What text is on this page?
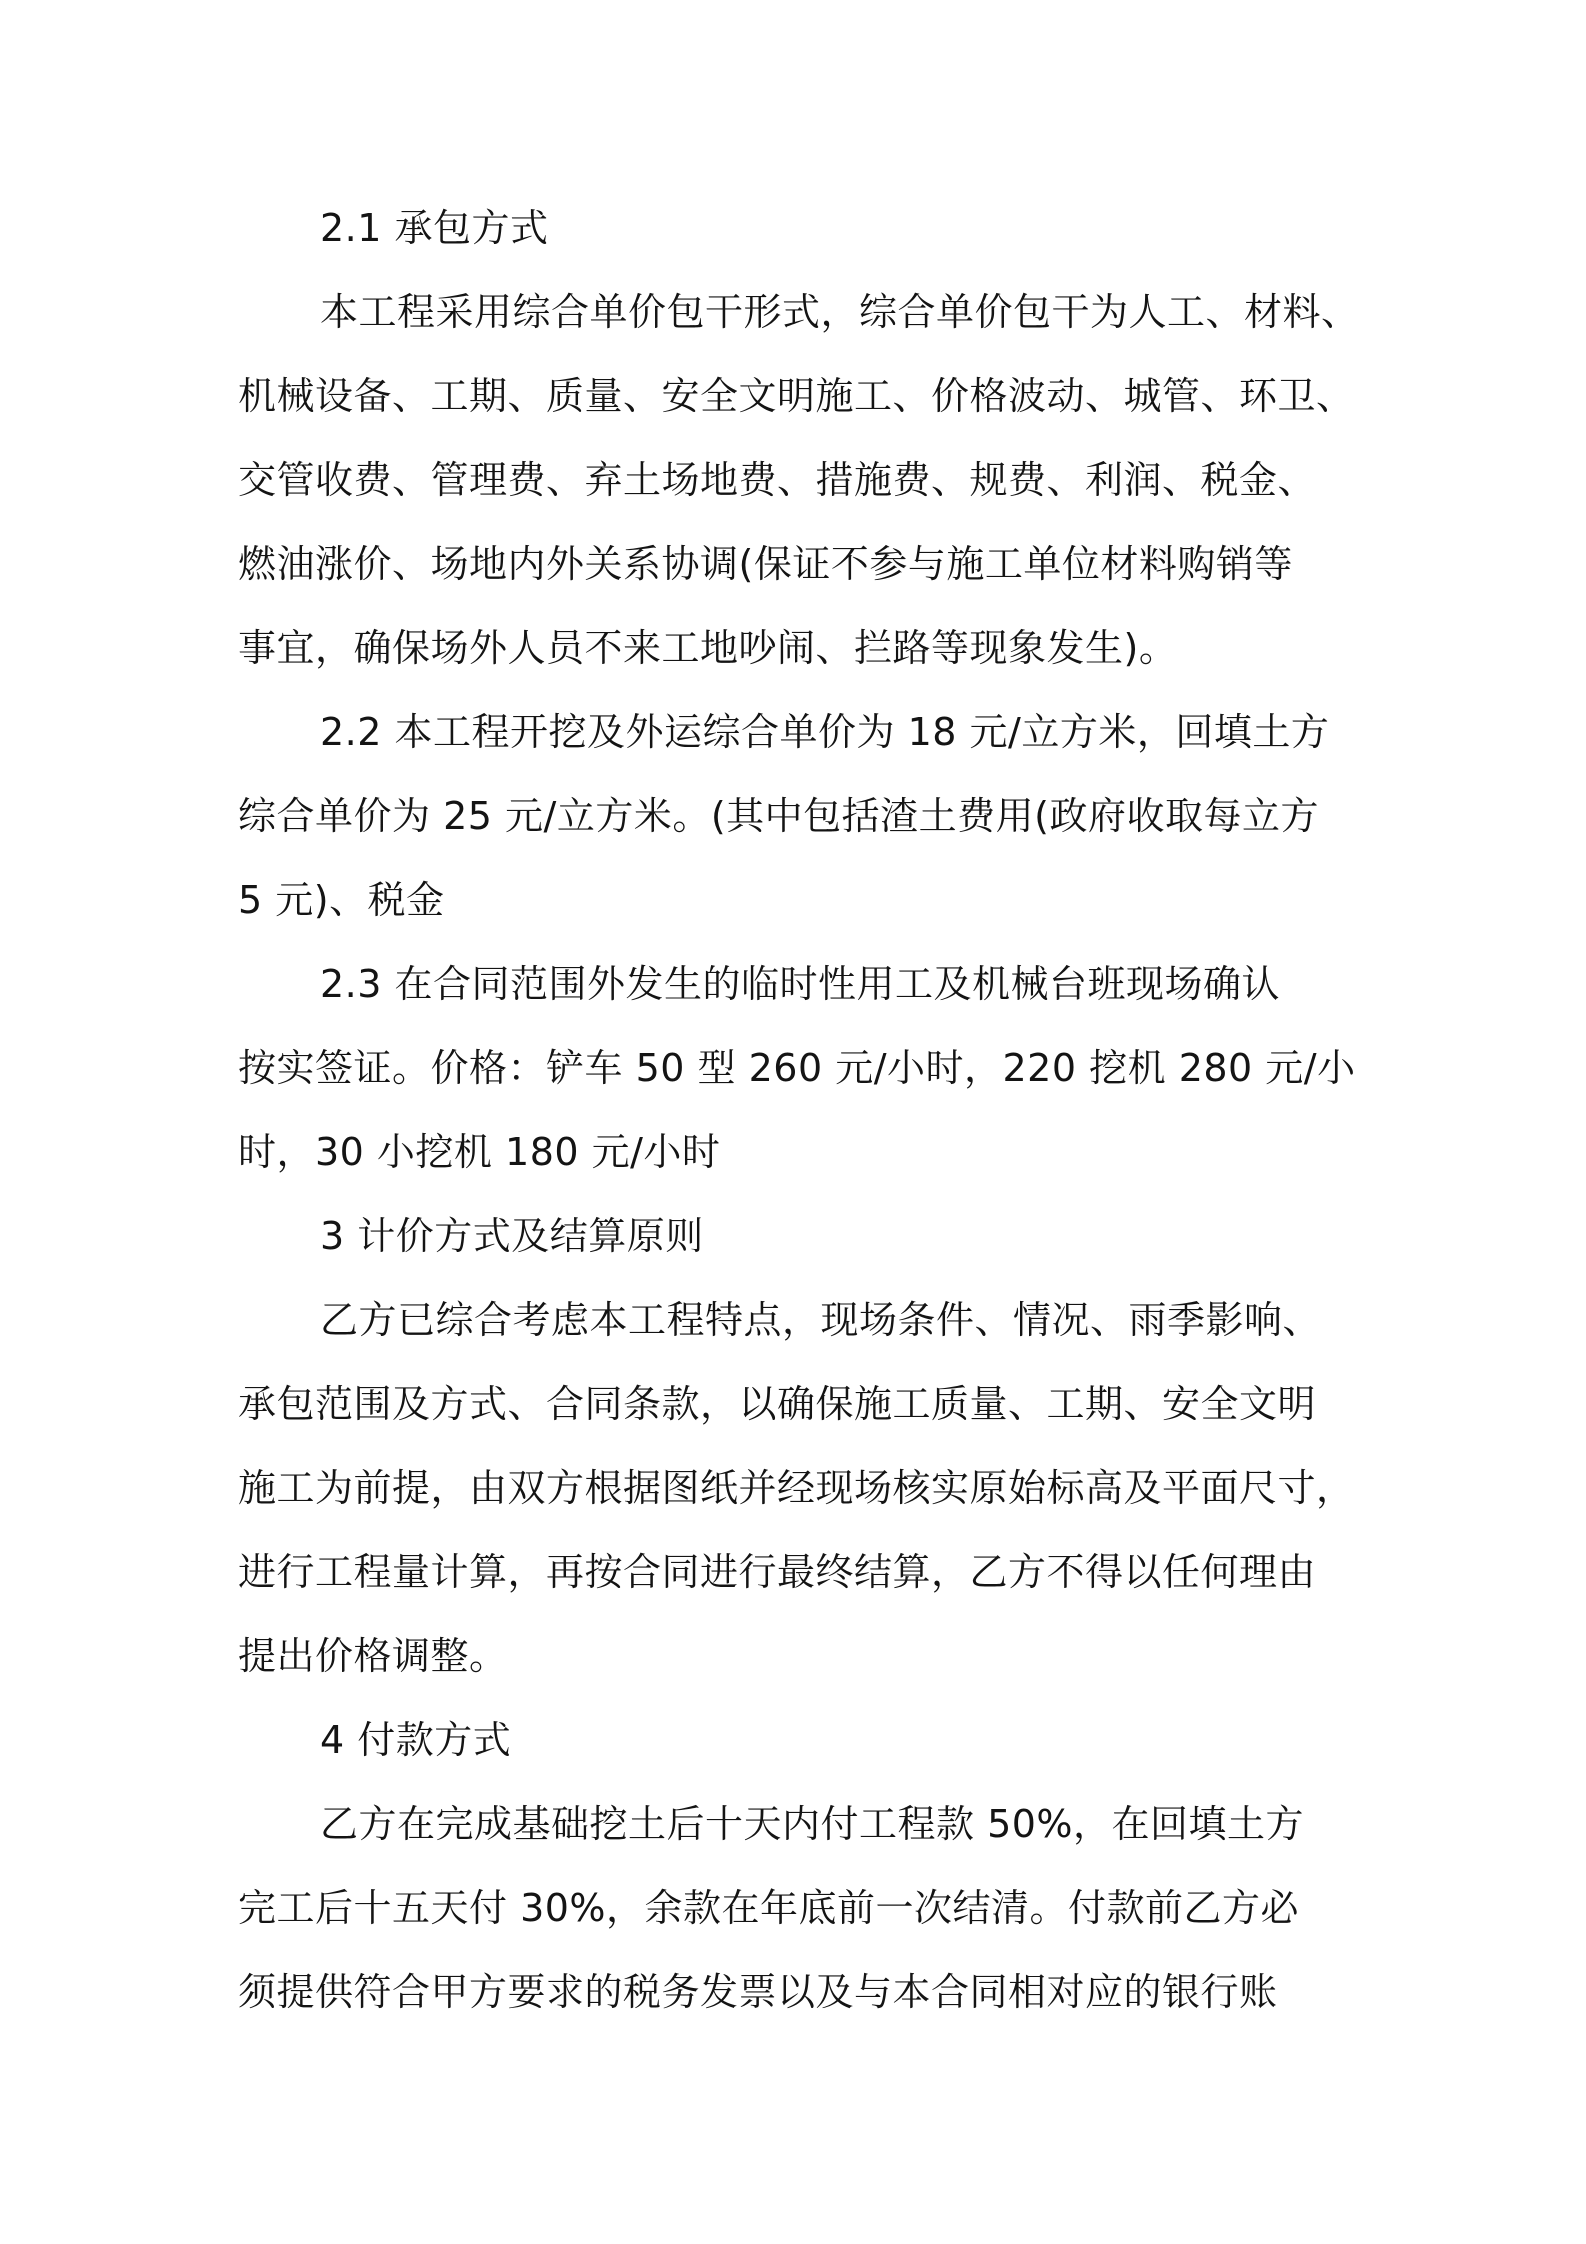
2.1 承包方式

本工程采用综合单价包干形式，综合单价包干为人工、材料、
机械设备、工期、质量、安全文明施工、价格波动、城管、环卫、
交管收费、管理费、弃土场地费、措施费、规费、利润、税金、
燃油涨价、场地内外关系协调(保证不参与施工单位材料购销等
事宜，确保场外人员不来工地吵闹、拦路等现象发生)。

2.2 本工程开挖及外运综合单价为 18 元/立方米，回填土方
综合单价为 25 元/立方米。(其中包括渣土费用(政府收取每立方
5 元)、税金

2.3 在合同范围外发生的临时性用工及机械台班现场确认
按实签证。价格：铲车 50 型 260 元/小时，220 挖机 280 元/小
时，30 小挖机 180 元/小时

3 计价方式及结算原则

乙方已综合考虑本工程特点，现场条件、情况、雨季影响、
承包范围及方式、合同条款，以确保施工质量、工期、安全文明
施工为前提，由双方根据图纸并经现场核实原始标高及平面尺寸，
进行工程量计算，再按合同进行最终结算，乙方不得以任何理由
提出价格调整。

4 付款方式

乙方在完成基础挖土后十天内付工程款 50%，在回填土方
完工后十五天付 30%，余款在年底前一次结清。付款前乙方必
须提供符合甲方要求的税务发票以及与本合同相对应的银行账
